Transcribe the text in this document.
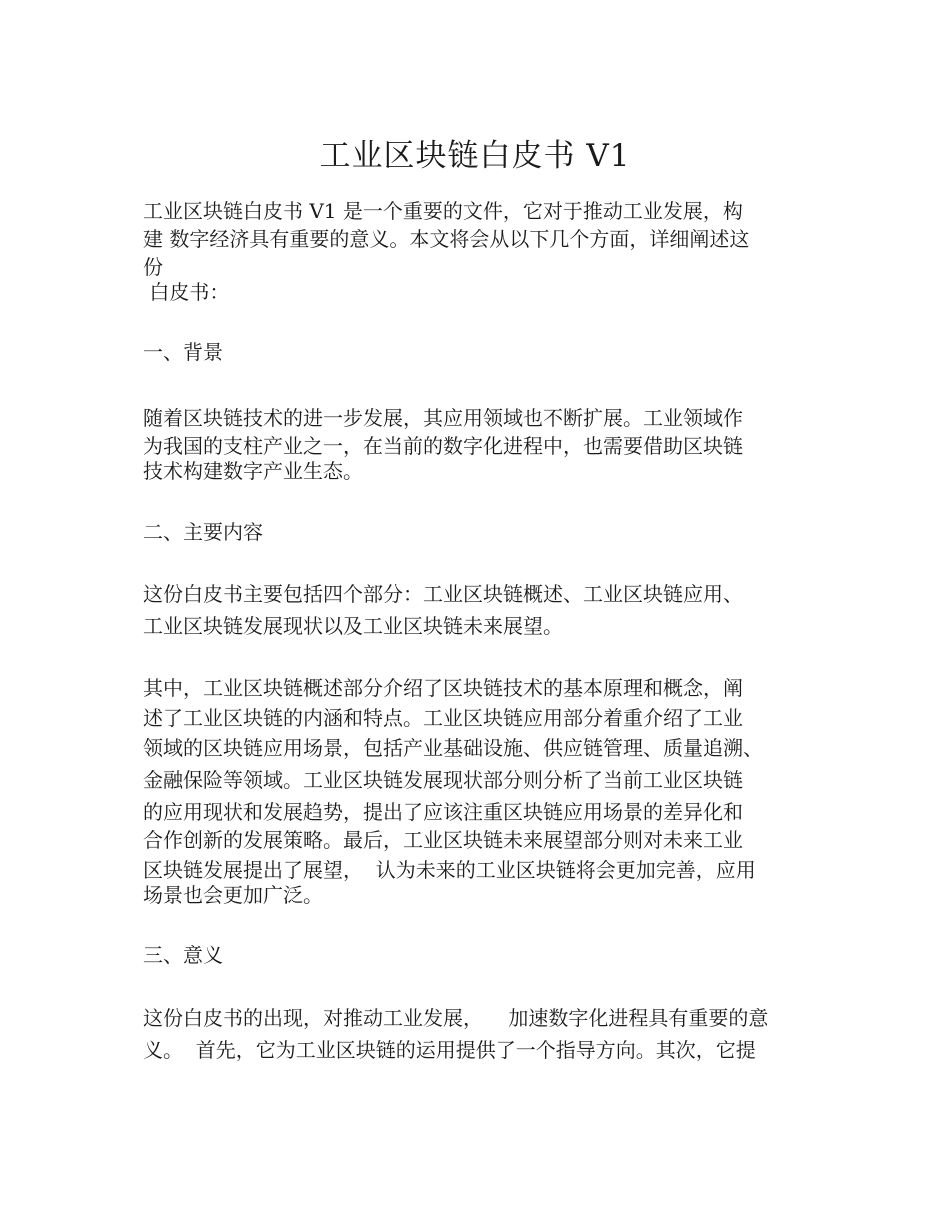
工业区块链白皮书 V1
工业区块链白皮书 V1 是一个重要的文件，它对于推动工业发展，构
建 数字经济具有重要的意义。本文将会从以下几个方面，详细阐述这
份
白皮书：
一、背景
随着区块链技术的进一步发展，其应用领域也不断扩展。工业领域作
为我国的支柱产业之一，在当前的数字化进程中，也需要借助区块链
技术构建数字产业生态。
二、主要内容
这份白皮书主要包括四个部分：工业区块链概述、工业区块链应用、
工业区块链发展现状以及工业区块链未来展望。
其中，工业区块链概述部分介绍了区块链技术的基本原理和概念，阐
述了工业区块链的内涵和特点。工业区块链应用部分着重介绍了工业
领域的区块链应用场景，包括产业基础设施、供应链管理、质量追溯、
金融保险等领域。工业区块链发展现状部分则分析了当前工业区块链
的应用现状和发展趋势，提出了应该注重区块链应用场景的差异化和
合作创新的发展策略。最后，工业区块链未来展望部分则对未来工业
区块链发展提出了展望，  认为未来的工业区块链将会更加完善，应用
场景也会更加广泛。
三、意义
这份白皮书的出现，对推动工业发展，    加速数字化进程具有重要的意
义。  首先，它为工业区块链的运用提供了一个指导方向。其次，它提
